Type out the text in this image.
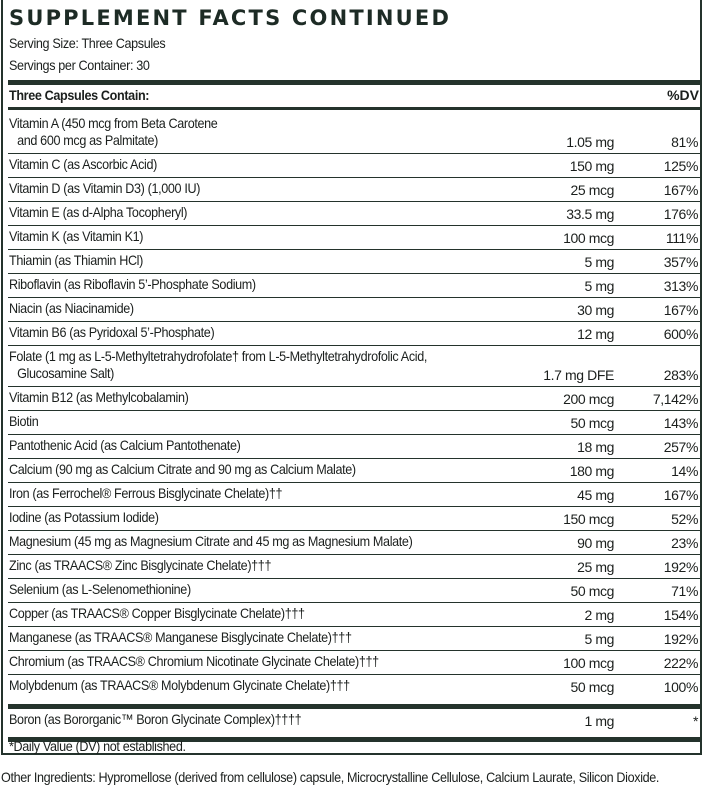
SUPPLEMENT FACTS CONTINUED
Serving Size: Three Capsules
Servings per Container: 30
Three Capsules Contain:	%DV
Vitamin A (450 mcg from Beta Carotene
and 600 mcg as Palmitate)	1.05 mg	81%
Vitamin C (as Ascorbic Acid)	150 mg	125%
Vitamin D (as Vitamin D3) (1,000 IU)	25 mcg	167%
Vitamin E (as d-Alpha Tocopheryl)	33.5 mg	176%
Vitamin K (as Vitamin K1)	100 mcg	111%
Thiamin (as Thiamin HCl)	5 mg	357%
Riboflavin (as Riboflavin 5’-Phosphate Sodium)	5 mg	313%
Niacin (as Niacinamide)	30 mg	167%
Vitamin B6 (as Pyridoxal 5’-Phosphate)	12 mg	600%
Folate (1 mg as L-5-Methyltetrahydrofolate† from L-5-Methyltetrahydrofolic Acid,
Glucosamine Salt)	1.7 mg DFE	283%
Vitamin B12 (as Methylcobalamin)	200 mcg	7,142%
Biotin	50 mcg	143%
Pantothenic Acid (as Calcium Pantothenate)	18 mg	257%
Calcium (90 mg as Calcium Citrate and 90 mg as Calcium Malate)	180 mg	14%
Iron (as Ferrochel® Ferrous Bisglycinate Chelate)††	45 mg	167%
Iodine (as Potassium Iodide)	150 mcg	52%
Magnesium (45 mg as Magnesium Citrate and 45 mg as Magnesium Malate)	90 mg	23%
Zinc (as TRAACS® Zinc Bisglycinate Chelate)†††	25 mg	192%
Selenium (as L-Selenomethionine)	50 mcg	71%
Copper (as TRAACS® Copper Bisglycinate Chelate)†††	2 mg	154%
Manganese (as TRAACS® Manganese Bisglycinate Chelate)†††	5 mg	192%
Chromium (as TRAACS® Chromium Nicotinate Glycinate Chelate)†††	100 mcg	222%
Molybdenum (as TRAACS® Molybdenum Glycinate Chelate)†††	50 mcg	100%
Boron (as Bororganic™ Boron Glycinate Complex)††††	1 mg	*
*Daily Value (DV) not established.
Other Ingredients: Hypromellose (derived from cellulose) capsule, Microcrystalline Cellulose, Calcium Laurate, Silicon Dioxide.
